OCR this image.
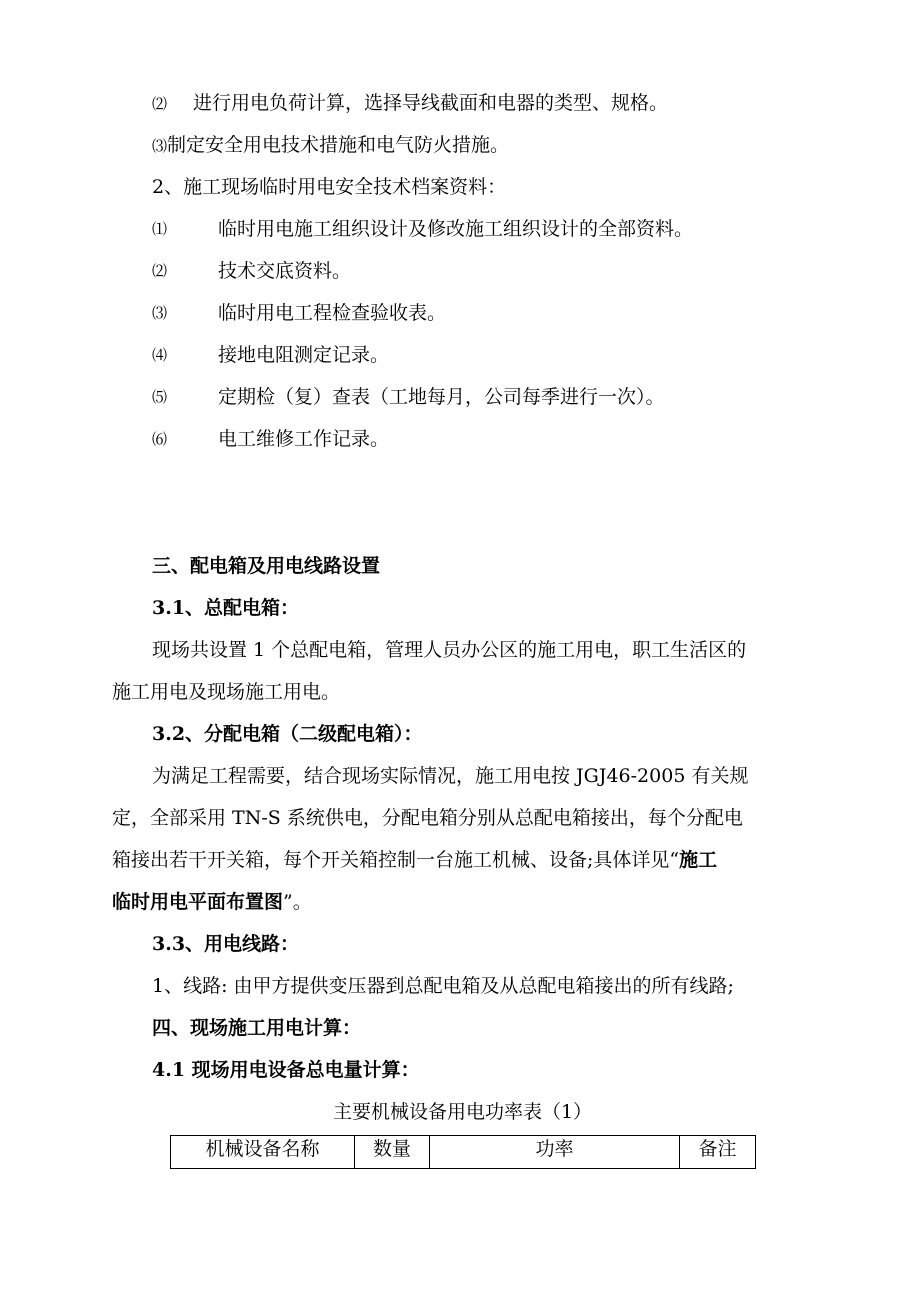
⑵ 进行用电负荷计算，选择导线截面和电器的类型、规格。
⑶制定安全用电技术措施和电气防火措施。
2、施工现场临时用电安全技术档案资料：
⑴	临时用电施工组织设计及修改施工组织设计的全部资料。
⑵	技术交底资料。
⑶	临时用电工程检查验收表。
⑷	接地电阻测定记录。
⑸	定期检（复）查表（工地每月，公司每季进行一次）。
⑹	电工维修工作记录。
三、配电箱及用电线路设置
3.1、总配电箱：
现场共设置 1 个总配电箱，管理人员办公区的施工用电，职工生活区的
施工用电及现场施工用电。
3.2、分配电箱（二级配电箱）：
为满足工程需要，结合现场实际情况，施工用电按 JGJ46-2005 有关规
定，全部采用 TN-S 系统供电，分配电箱分别从总配电箱接出，每个分配电
箱接出若干开关箱，每个开关箱控制一台施工机械、设备;具体详见“施工
临时用电平面布置图”。
3.3、用电线路：
1、线路: 由甲方提供变压器到总配电箱及从总配电箱接出的所有线路;
四、现场施工用电计算：
4.1 现场用电设备总电量计算：
主要机械设备用电功率表（1）
机械设备名称	数量	功率	备注
